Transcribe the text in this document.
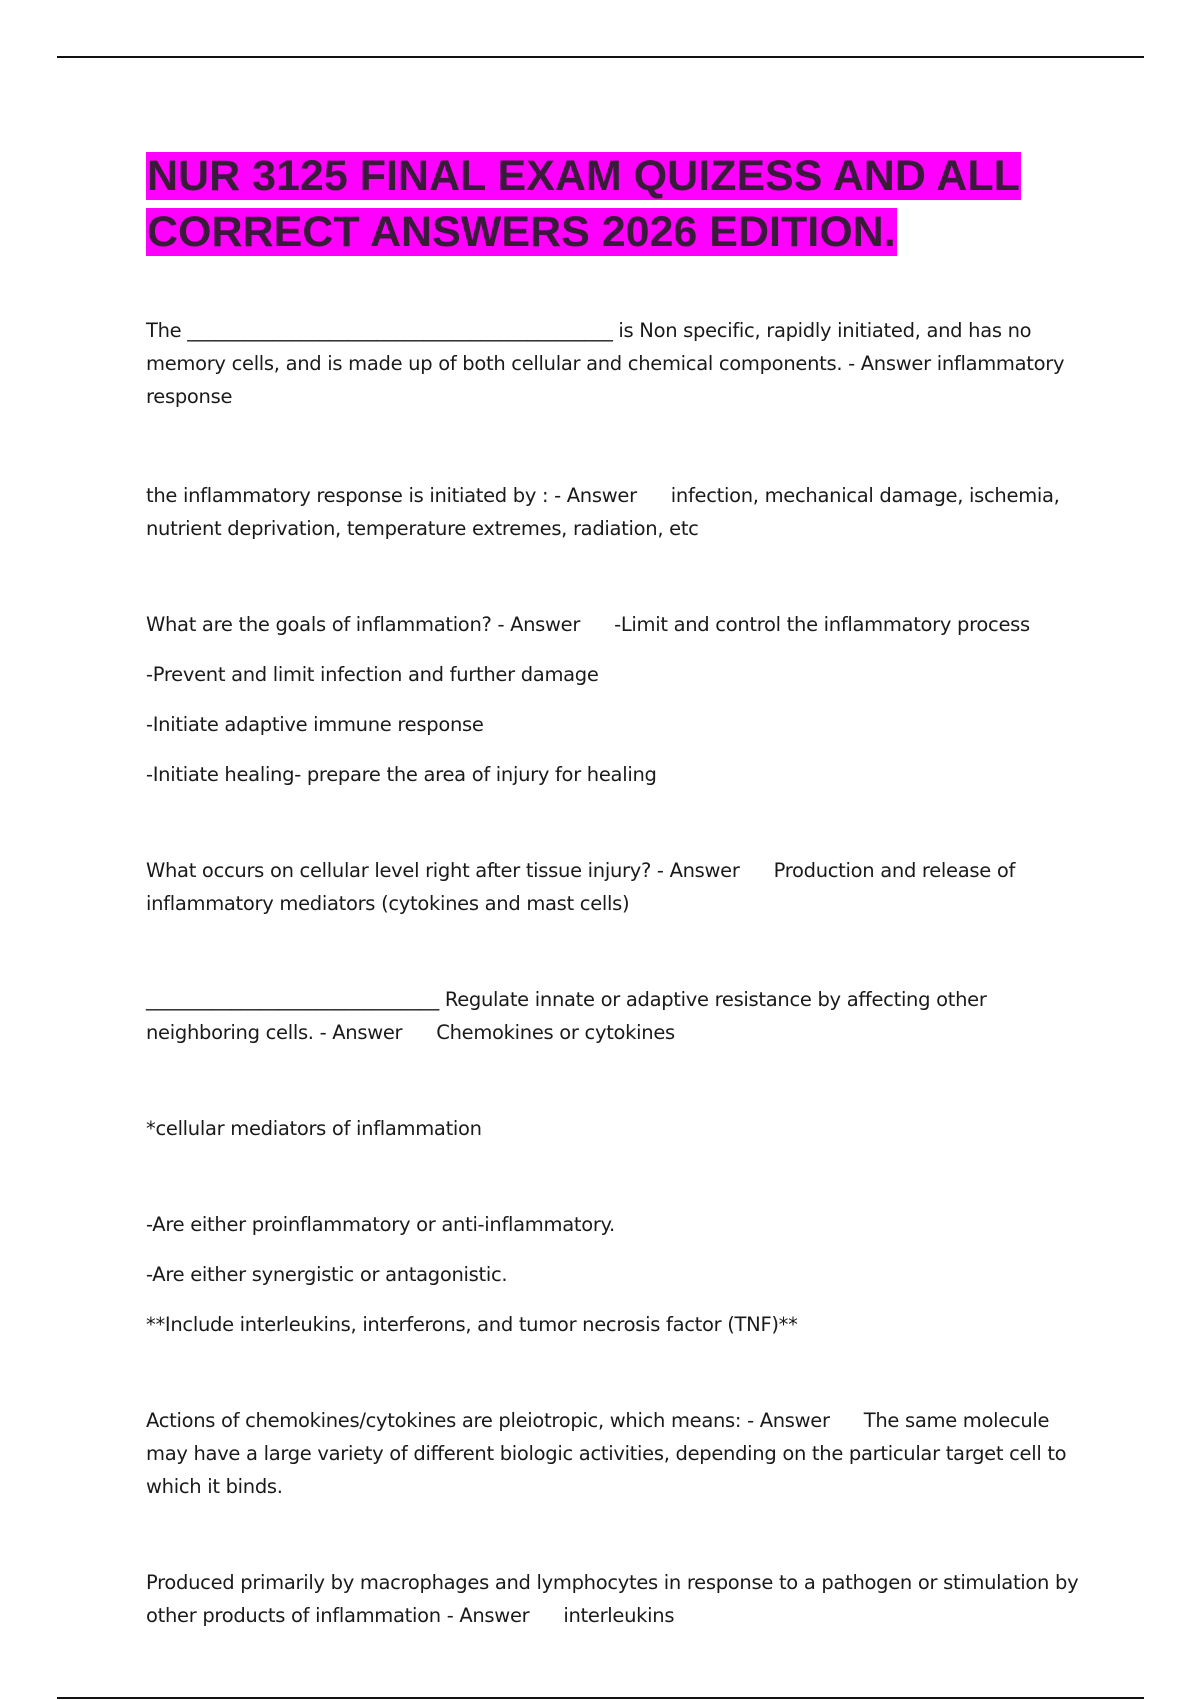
NUR 3125 FINAL EXAM QUIZESS AND ALL CORRECT ANSWERS 2026 EDITION.

The _____________________________________________ is Non specific, rapidly initiated, and has no memory cells, and is made up of both cellular and chemical components. - Answer inflammatory response

the inflammatory response is initiated by : - Answer infection, mechanical damage, ischemia, nutrient deprivation, temperature extremes, radiation, etc

What are the goals of inflammation? - Answer -Limit and control the inflammatory process

-Prevent and limit infection and further damage

-Initiate adaptive immune response

-Initiate healing- prepare the area of injury for healing

What occurs on cellular level right after tissue injury? - Answer Production and release of inflammatory mediators (cytokines and mast cells)

_______________________________ Regulate innate or adaptive resistance by affecting other neighboring cells. - Answer Chemokines or cytokines

*cellular mediators of inflammation

-Are either proinflammatory or anti-inflammatory.

-Are either synergistic or antagonistic.

**Include interleukins, interferons, and tumor necrosis factor (TNF)**

Actions of chemokines/cytokines are pleiotropic, which means: - Answer The same molecule may have a large variety of different biologic activities, depending on the particular target cell to which it binds.

Produced primarily by macrophages and lymphocytes in response to a pathogen or stimulation by other products of inflammation - Answer interleukins
